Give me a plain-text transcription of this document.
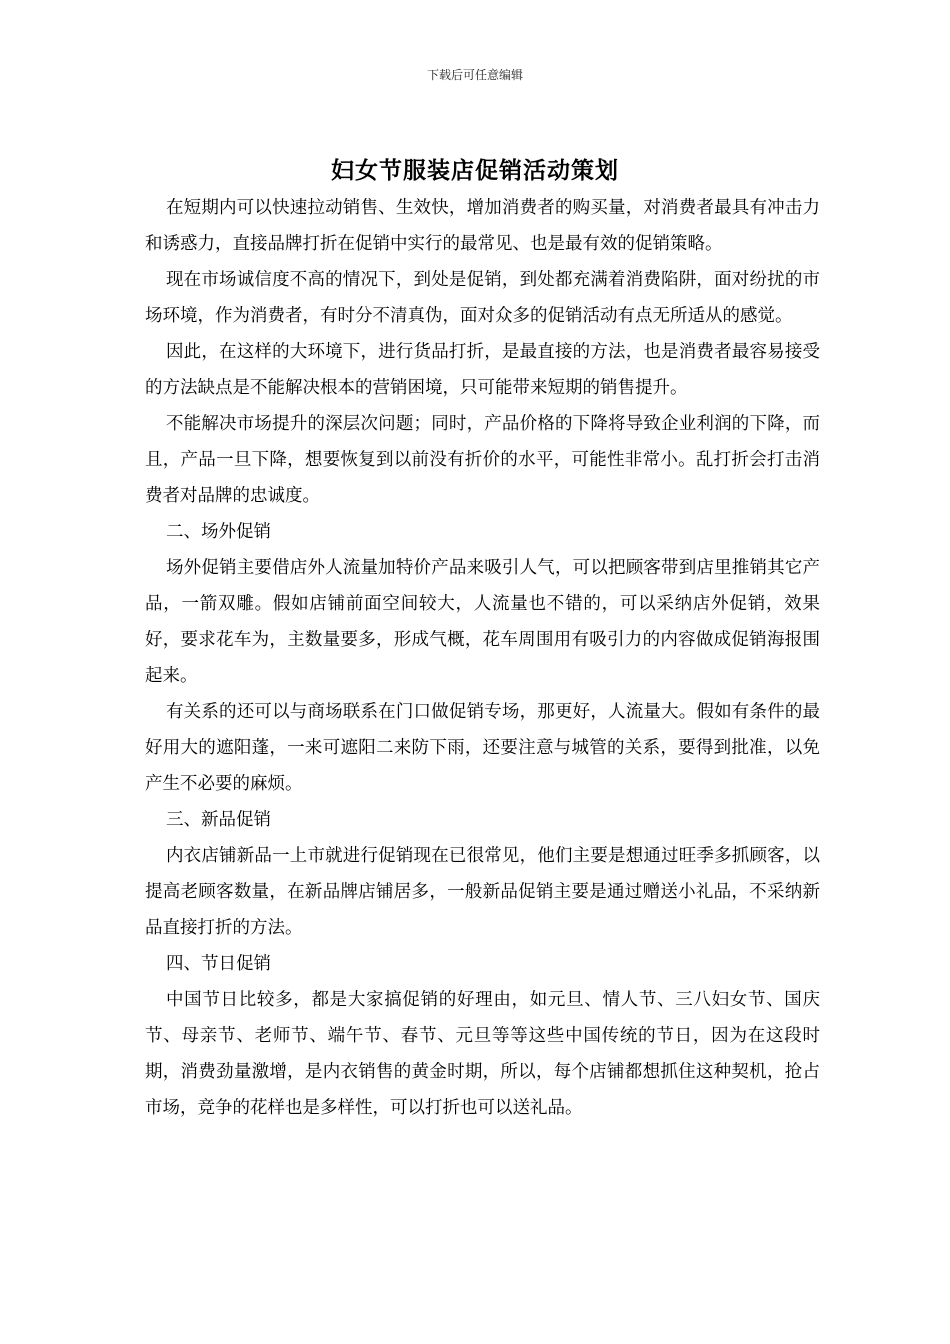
下载后可任意编辑
妇女节服装店促销活动策划

在短期内可以快速拉动销售、生效快，增加消费者的购买量，对消费者最具有冲击力和诱惑力，直接品牌打折在促销中实行的最常见、也是最有效的促销策略。

现在市场诚信度不高的情况下，到处是促销，到处都充满着消费陷阱，面对纷扰的市场环境，作为消费者，有时分不清真伪，面对众多的促销活动有点无所适从的感觉。

因此，在这样的大环境下，进行货品打折，是最直接的方法，也是消费者最容易接受的方法缺点是不能解决根本的营销困境，只可能带来短期的销售提升。

不能解决市场提升的深层次问题；同时，产品价格的下降将导致企业利润的下降，而且，产品一旦下降，想要恢复到以前没有折价的水平，可能性非常小。乱打折会打击消费者对品牌的忠诚度。

二、场外促销

场外促销主要借店外人流量加特价产品来吸引人气，可以把顾客带到店里推销其它产品，一箭双雕。假如店铺前面空间较大，人流量也不错的，可以采纳店外促销，效果好，要求花车为，主数量要多，形成气概，花车周围用有吸引力的内容做成促销海报围起来。

有关系的还可以与商场联系在门口做促销专场，那更好，人流量大。假如有条件的最好用大的遮阳蓬，一来可遮阳二来防下雨，还要注意与城管的关系，要得到批准，以免产生不必要的麻烦。

三、新品促销

内衣店铺新品一上市就进行促销现在已很常见，他们主要是想通过旺季多抓顾客，以提高老顾客数量，在新品牌店铺居多，一般新品促销主要是通过赠送小礼品，不采纳新品直接打折的方法。

四、节日促销

中国节日比较多，都是大家搞促销的好理由，如元旦、情人节、三八妇女节、国庆节、母亲节、老师节、端午节、春节、元旦等等这些中国传统的节日，因为在这段时期，消费劲量激增，是内衣销售的黄金时期，所以，每个店铺都想抓住这种契机，抢占市场，竞争的花样也是多样性，可以打折也可以送礼品。
